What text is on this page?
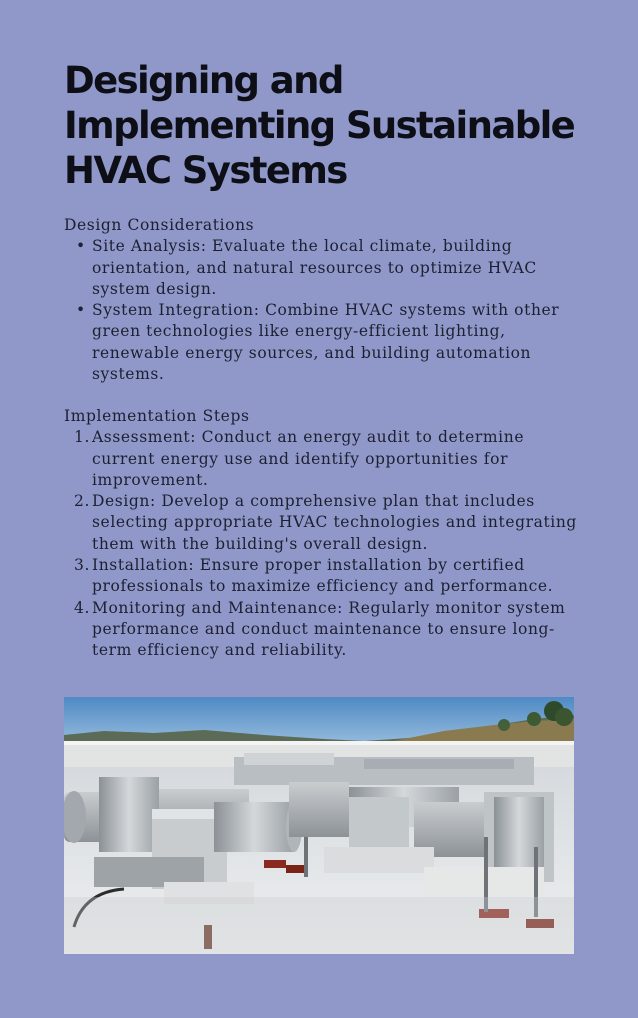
Designing and Implementing Sustainable HVAC Systems

Design Considerations

• Site Analysis: Evaluate the local climate, building orientation, and natural resources to optimize HVAC system design.
• System Integration: Combine HVAC systems with other green technologies like energy-efficient lighting, renewable energy sources, and building automation systems.

Implementation Steps

1. Assessment: Conduct an energy audit to determine current energy use and identify opportunities for improvement.
2. Design: Develop a comprehensive plan that includes selecting appropriate HVAC technologies and integrating them with the building's overall design.
3. Installation: Ensure proper installation by certified professionals to maximize efficiency and performance.
4. Monitoring and Maintenance: Regularly monitor system performance and conduct maintenance to ensure long-term efficiency and reliability.
